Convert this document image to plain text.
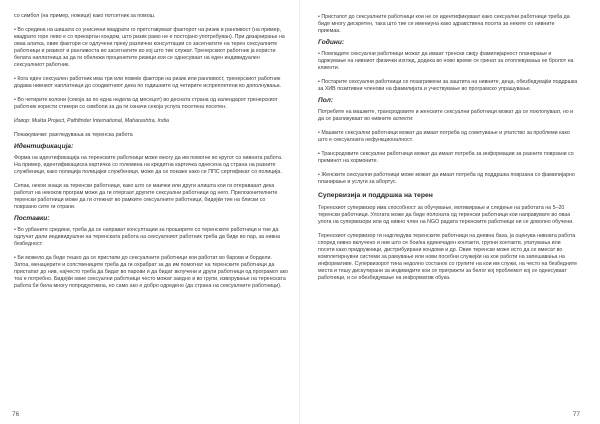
со симбол (на пример, ножици) како потсетник за помош.

• Во средина на шишата со унисични квадрати го претставуваат факторот на ризик и ранливост (на пример, квадрато горе лево е со прекартан кондом, што ризик рамо не е постојано употребуван). При дизајнирање на оваа алатка, овие фактори се одлучени преку различни консултации со засегнатите на терен сексуалните работници и ризикот и ранливостa во засегнатите во кој што тие служат. Тренерскиот работник ја користи белата наплатница за да ги обележи проценетите ризици кои се однесуваат на еден индивидуален сексуалниот работник.

• Кога еден сексуален работник има три или повеќе фактори на ризик или ранливост, тренерскиот работник додава нивниот наплатници до соодветниот дека по годишните од четирите испреплетени во дополнувања.

• Во четирите колони (секоја за по една недела од месецот) во десната страна од календарот тренерскиот работник користи стикери со симболи за да ги означи секоја услуга посетена посетен.

Извор: Mukta Project, Pathfinder International, Maharashtra, India

Покажувачки: разгледувања за теренска работа

Идентификација:

Форма на идентификација на теренските работници може многу да им помогне во кругот со нивната работа. На пример, идентификациска картичка со големина на кредитна картичка однесена од страна на разните службеници, како полиција полицајки службеници, може да се покаже како се ППС сертификат со полиција.

Сепак, некои знаци за теренски работници, како што се маички или други алишта кои ги отеравааат дека работат на некоков програм може да ги отергаат другите сексуални работници од него. Прилозонителните теренски работници може да ги отежнат во рамките сексуалните работници, бидејќи тие на блиски со поврзано сите ги отрани.

Поставки:

• Во урбаните средини, треба да се направат консултации за проширите со теренските работници и тие да одлучат дали индивидуални на теренската работа на сексуалниот работник треба да биде во пар, за нивна безбедност.

• Би можело да биде тешко да се пристапи до сексуалните работници кои работат во барови и бордели. Затоа, менаџерите и сопствениците треба да ги охрабрат за да им помогнат на теренските работници да пристапат до нив, најчесто треба да бидат во парови и да бидат вклучени и други работници од програмот ако тоа е потребно. Бидејќи овие сексуални работници често можат заедно и во групи, изворување на теренската работа би била многу попродуктивна, но само ако е добро одредено (да страна на сексуалните работници).

76

• Пристапот до сексуалните работници кои не се идентификуваат како сексуални работници треба да биде многу дискретен, така што тие се имениуна како здравствена посета за неките со нивните приемаа.

Години:

• Помладите сексуални работници можат да имаат тренски своју фамилијарност планирање и одржување на нивниот физички изглед, додека во ново време се гринат за отоплевувања не бролот на клиенти.

• Постарите сексуални работници се позагрижени за заштита на нивните, деца, обезбедувајќи поддршка за ХИВ позитивни членови на фамилијата и учествување во програмско упрашување.

Пол:

Потребите на машките, трансродовите и женските сексуални работници можат да се поклопуваат, но и да се разликуваат во нивните аспекти:

• Машките сексуални работници можат да имаат потреба од советување и упатство за проблеми како што е сексуалната нефункционалност.

• Трансродовите сексуални работници можат да имаат потреба за информации за разните поврзани со преминот на хормоните.

• Женските сексуални работници може можат да имаат потреба од поддршка поврзана со фамилијарно планирање и услуги за абортус.

Супервизија и поддршка на терен

Теренскиот супервизор има способност за обучување, мотивирање и следење на работата на 5–20 теренски работници. Улогата може да биде полоната од теренски работници кои направувате во оваа улога на супервизори или од нивно член на NGO радата теренските работници ни се доволно обучени.

Теренскиот супервизор ги надгледува теренските работници на дневна база, ја оценува нивната работа според нивно вклучено и нив што се бои/ка единечаден контакти, групни контакти, упатувања или посети како придружници, дистрибуирани кондоми и др. Овие теренски може исто да се вмесат во комплетирнувни системи за рамување или нови посебни служејќи на кое работи на запешавања на информативе. Супервизорот тина недолно состанок со групите на кои им служи, на често на безбедните места и тешу дискутирани за индивидите кои се пригрижти за белог кој проблемот кој се однесуваат работници, и се обезбедување на информатив обука.

77
